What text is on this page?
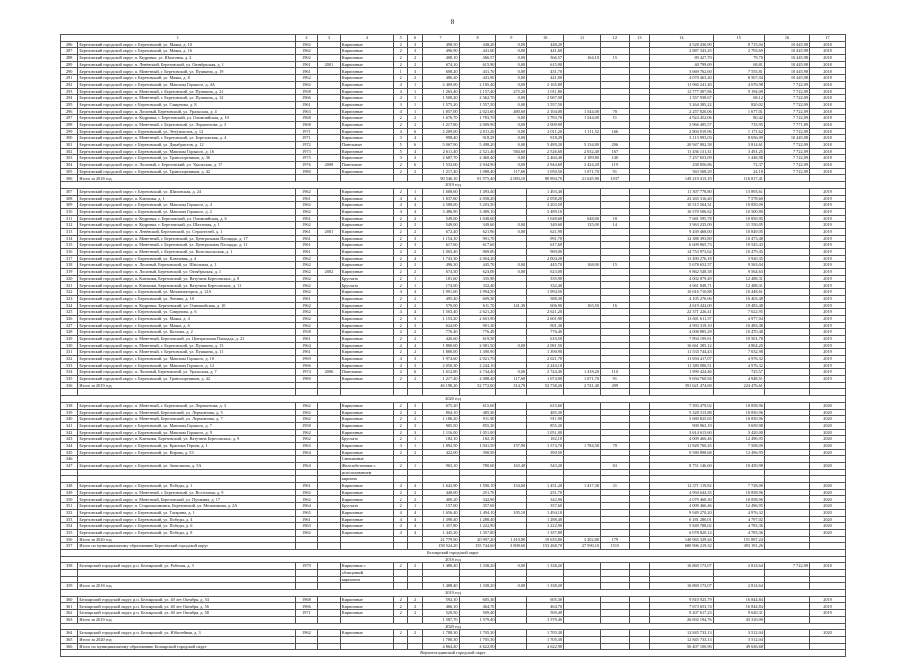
8
1		2	3	4	5	6	7	8	9	10	11	12	13	14	15	16	17
286	Березовский городской округ, г. Березовский, ул. Маяка, д. 10	1962		Кирпичные	2	3	498,50	448,20	0,00	448,20				4 528 436,90	8 715,04	10 445,98	2018
287	Березовский городской округ, г. Березовский, ул. Маяка, д. 16	1962		Кирпичные	2	3	496,90	441,60	0,00	441,60				2 887 343,25	2 793,69	10 445,98	2018
288	Березовский городской округ, п. Кедровка, ул. Шахтовая, д. 2	1962		Кирпичные	2	2	408,10	366,57	0,00	366,57	164,10	15		89 427,70	79,70	10 445,98	2018
289	Березовский городской округ, п. Ленёвский, Березовский, ул. Октябрьская, д. 1	1961	2001	Кирпичные	2	2	674,10	615,90	0,00	615,90				40 799,69	68,81	10 445,98	2018
290	Березовский городской округ, п. Монетный, г. Березовский, ул. Пушкина, д. 19	1961		Кирпичные	1	3	608,20	431,70	0,00	431,70				3 669 762,60	7 555,81	10 445,98	2018
291	Березовский городской округ, г. Березовский, ул. Маяка, д. 8	1962		Кирпичные	2	2	486,20	441,90	0,00	441,90				4 070 463,20	8 567,04	10 445,98	2018
292	Березовский городской округ, г. Березовский, ул. Максима Горького, д. 4А	1962		Кирпичные	4	1	2 400,00	2 185,40	0,00	2 165,80				11 960 241,40	4 676,98	7 722,09	2018
293	Березовский городской округ, п. Монетный, г. Березовский, ул. Пушкина, д. 21	1958		Кирпичные	4	1	1 263,40	1 157,40	275,20	1 011,80				12 777 497,86	9 194,08	7 722,09	2018
294	Березовский городской округ, п. Монетный, г. Березовский, ул. Пушкина, д. 12	1966		Кирпичные	4	1	1 500,20	2 362,70	0,00	2 067,00				1 357 938,67	68,12	7 722,09	2018
295	Березовский городской округ, г. Березовский, ул. Смирнова, д. 8	1961		Кирпичные	3	1	1 575,20	1 557,50	0,00	1 557,50				3 264 385,22	820,02	7 722,09	2018
296	Березовский городской округ, п. Лосиный, Березовский, ул. Уральская, д. 4	1963		Кирпичные	4	1	1 857,00	2 021,60	480,60	2 104,00	1 544,00	70		2 257 820,06	1 677,01	7 722,09	2018
297	Березовский городской округ, п. Кедровка, г. Березовский, ул. Олимпийская, д. 10	1968		Кирпичные	2	2	1 676,70	1 783,70	0,00	1 783,70	1 544,00	51		4 924 452,06	80,42	7 722,09	2018
298	Березовский городской округ, п. Монетный, г. Березовский, ул. Лермонтова, д. 3	1968		Кирпичные	2	2	1 217,80	2 009,90	0,00	2 009,90				3 966 485,57	733,95	7 771,89	2018
299	Березовский городской округ, г. Березовский, ул. Энтузиастов, д. 12	1971		Кирпичные	4	6	2 209,00	2 011,20	0,00	2 011,20	1 111,52	166		2 804 919,96	1 171,62	7 722,09	2018
300	Березовский городской округ, п. Монетный, г. Березовский, ул. Березовская, д. 4	1971		Кирпичные	3	4	998,40	918,29	0,00	918,29				3 113 993,03	8 656,09	10 445,98	2018
301	Березовский городской округ, г. Березовский, ул. Декабристов, д. 12	1972		Панельные	5	6	5 067,90	5 498,20	0,00	5 489,20	5 134,80	296		20 947 802,38	3 814,61	7 722,09	2018
302	Березовский городской округ, г. Березовский, ул. Максима Горького, д. 16	1973		Кирпичные	5	4	2 611,40	2 521,40	584,60	2 526,60	2 032,40	167		11 436 131,41	3 491,25	7 722,09	2018
303	Березовский городской округ, г. Березовский, ул. Транспортников, д. 36	1975		Кирпичные	3	3	2 687,70	2 460,40	0,00	2 460,40	2 189,80	140		7 257 653,09	1 448,98	7 722,09	2018
304	Березовский городской округ, п. Лосиный, г. Березовский, ул. Уральская, д. 17	1976	2008	Панельные	2	6	1 533,00	2 944,90	0,00	2 944,60	2 424,20	119		238 856,86	72,37	7 722,09	2018
305	Березовский городской округ, г. Березовский, ул. Транспортников, д. 42	1980		Кирпичные	2	2	1 217,40	1 088,40	117,60	1 050,50	1 071,70	91		363 568,29	24,18	7 722,09	2018
306	Итого за 2018 год						90 546,10	81 975,40	2 083,10	80 894,70	21 645,90	1037		149 219 415,19	116 817,41		
2019 год																	
307	Березовский городской округ, г. Березовский, ул. Шиловская, д. 24	1962		Кирпичные	2	1	1 608,60	1 493,40		1 493,40				11 307 778,80	13 893,61		2019
308	Березовский городской округ, п. Ключики, д. 1	1961		Кирпичные	4	4	1 837,60	2 058,20		2 058,20				23 265 316,40	7 578,60		2019
309	Березовский городской округ, г. Березовский, ул. Максима Горького, д. 4	1962		Кирпичные	4	4	2 588,00	3 203,50		3 203,50				10 515 564,31	10 850,09		2019
310	Березовский городской округ, г. Березовский, ул. Максима Горького, д. 2	1962		Кирпичные	4	4	3 486,90	3 489,10		3 489,10				16 570 506,62	10 500,80		2019
311	Березовский городской округ, п. Кедровка, г. Березовский, ул. Олимпийская, д. 6	1961		Кирпичные	2	2	549,00	1 048,60		1 048,60	648,00	18		7 681 595,78	10 850,95		2019
312	Березовский городской округ, п. Кедровка, г. Березовский, ул. Шахтовая, д. 1	1962		Кирпичные	2	2	549,00	349,60	0,00	349,60	135,00	14		3 963 235,09	11 550,05		2019
313	Березовский городской округ, п. Ленёвский, Березовский, ул. Строителей, д. 1	1961	2001	Кирпичные	2	2	672,40	621,90	0,00	621,90				9 439 468,00	10 849,05		2019
314	Березовский городской округ, п. Монетный, г. Березовский, ул. Центральная Площадь, д. 17	1961		Кирпичные	2	3	1 154,10	991,70		991,70				12 388 393,80	10 473,48		2019
315	Березовский городской округ, п. Монетный, г. Березовский, ул. Центральная Площадь, д. 11	1961		Кирпичные	2	3	617,60	617,60		617,60				6 609 865,73	10 545,43		2019
316	Березовский городской округ, п. Монетный, г. Березовский, ул. Комсомольская, д. 1	1961		Кирпичные	2	2	1 003,40	969,00		969,00				14 753 973,62	10 479,45		2019
317	Березовский городской округ, г. Березовский, ул. Ключевая, д. 4	1962		Кирпичные	2	4	1 743,30	2 004,20		2 004,20				13 490 276,18	3 920,35		2019
318	Березовский городской округ, п. Лосиный, Березовский, ул. Школьная, д. 1	1962		Кирпичные	2	2	496,30	445,70	0,00	445,70	168,00	15		5 678 652,57	9 563,04		2019
319	Березовский городской округ, п. Лосиный, Березовский, ул. Октябрьская, д. 1	1962	2002	Кирпичные	2	2	674,30	623,00	0,00	623,00				9 862 548,58	9 564,63		2019
320	Березовский городской округ, п. Ключики, Березовский, ул. Ватутина Бересовских, д. 8	1962		Брусчато	2	1	181,60	335,90		335,90				4 002 879,49	12 488,31		2019
321	Березовский городской округ, п. Ключики, Березовский, ул. Ватутина Бересовских, д. 11	1962		Брусчато	2	1	174,00	332,40		332,40				4 661 848,71	12 488,31		2019
322	Березовский городской округ, г. Березовский, ул. Механизаторов, д. 12А	1962		Кирпичные	4	4	1 991,60	1 994,50		1 994,50				10 616 710,88	10 448,61		2019
323	Березовский городской округ, г. Березовский, ул. Ленина, д. 10	1961		Кирпичные	2	2	495,40	609,30		588,30				4 105 276,06	10 403,48		2019
324	Березовский городской округ, п. Кедровка, Березовский, ул. Олимпийская, д. 10	1962		Кирпичные	2	2	570,00	611,70	141,30	606,90	165,50	16		4 619 442,00	10 483,48		2019
325	Березовский городской округ, г. Березовский, ул. Смирнова, д. 6	1962		Кирпичные	4	4	1 503,40	2 621,20		2 621,20				22 371 226,41	7 622,95		2019
326	Березовский городской округ, г. Березовский, ул. Маяка, д. 4	1962		Кирпичные	2	3	1 153,20	2 601,90		2 601,90				13 601 611,37	4 977,04		2019
327	Березовский городской округ, г. Березовский, ул. Маяка, д. 6	1962		Кирпичные	2	3	624,00	901,30		901,30				4 993 319,10	10 483,48		2019
328	Березовский городской округ, г. Березовский, ул. Козлова, д. 2	1958		Кирпичные	2	2	776,40	776,40		776,40				4 008 885,29	10 470,48		2019
329	Березовский городской округ, п. Монетный, Березовский, ул. Центральная Площадь, д. 21	1961		Кирпичные	2	2	426,60	619,50		619,50				7 894 199,61	10 501,78		2019
330	Березовский городской округ, п. Монетный, г. Березовский, ул. Пушкина, д. 13	1964		Кирпичные	4	4	1 800,00	2 081,50	0,00	2 081,50				16 661 385,12	4 804,20		2019
331	Березовский городской округ, п. Монетный, г. Березовский, ул. Пушкина, д. 11	1961		Кирпичные	2	2	1 880,00	1 390,90		1 390,90				11 533 744,43	7 632,98		2019
332	Березовский городской округ, г. Березовский, ул. Максима Горького, д. 10	1969		Кирпичные	4	3	1 974,60	2 021,70		2 021,70				11 694 417,07	4 976,32		2019
333	Березовский городской округ, г. Березовский, ул. Максима Горького, д. 12	1966		Кирпичные	4	3	2 050,30	2 244,10		2 244,10				11 380 086,51	4 976,32		2019
334	Березовский городской округ, п. Лосиный, Березовский, ул. Уральская, д. 7	1974	2006	Панельные	2	6	1 612,80	2 744,40	0,00	2 744,40	1 418,20	110		1 990 424,46	725,57		2019
335	Березовский городской округ, г. Березовский, ул. Транспортников, д. 42	1980		Кирпичные	2	2	1 217,40	2 088,40	117,60	1 074,90	1 071,70	91		9 694 760,94	4 948,51		2019
336	Итого за 2019 год						46 198,20	52 772,00	314,70	52 738,20	2 741,40	299		391 621 474,69	224 476,61		

2020 год																	
338	Березовский городской округ, п. Монетный, г. Березовский, ул. Лермонтова, д. 3	1962		Кирпичные	2	3	675,20	615,60		615,60				7 393 479,02	10 858,96		2020
339	Березовский городской округ, п. Монетный, Березовский, ул. Лермонтова, д. 5	1962		Кирпичные	2	2	804,10	485,30		485,30				5 328 313,88	10 850,96		2020
340	Березовский городской округ, п. Монетный, Березовский, ул. Лермонтова, д. 7	1962		Кирпичные	2	2	1 186,20	911,90		911,90				5 680 825,65	10 850,96		2020
341	Березовский городской округ, г. Березовский, ул. Максима Горького, д. 7	1958		Кирпичные	2	3	905,50	855,20		855,20				900 963,19	3 659,98		2020
342	Березовский городской округ, г. Березовский, ул. Максима Горького, д. 9	1962		Кирпичные	2	3	1 116,00	1 051,00		1 051,00				3 614 615,60	3 420,00		2020
343	Березовский городской округ, п. Ключики, Березовский, ул. Ватутина Бересовских, д. 9	1962		Брусчато	2	1	182,10	182,10		182,10				4 009 466,46	12 496,95		2020
344	Березовский городской округ, г. Березовский, ул. Красных Героев, д. 1	1963		Кирпичные	3	1	1 892,50	1 941,50	157,90	1 574,70	1 784,50	70		11 828 760,45	7 508,09		2020
345	Березовский городской округ, г. Березовский, ул. Кирова, д. 53	1964		Кирпичные	2	2	422,00	390,50		390,50				9 580 898,68	12 496,95		2020
346				Смешанные													
347	Березовский городской округ, г. Березовский, ул. Загвозкина, д. 5А	1964		Железобетонные с	2	1	903,10	780,60	163,40	543,20		63		8 751 146,60	10 450,98		2020
				использованием													
				кирпича													
348	Березовский городской округ, г. Березовский, ул. Победы, д. 1	1961		Кирпичные	4	4	1 642,90	1 590,10	154,60	1 451,20	1 417,30	31		12 371 119,82	7 728,00		2020
349	Березовский городской округ, п. Монетный, г. Березовский, ул. Восточная, д. 9	1962		Кирпичные	2	2	448,00	251,70		251,70				4 994 644,35	10 858,96		2020
350	Березовский городской округ, п. Монетный, Березовский, ул. Пушкина, д. 17	1962		Кирпичные	2	2	400,20	342,90		342,90				4 079 468,30	10 858,96		2020
351	Березовский городской округ, п. Старопышминск, Березовский, ул. Мельникова, д. 2А	1964		Брусчато	2	1	157,00	357,60		357,60				4 009 466,46	12 496,95		2020
352	Березовский городской округ, г. Березовский, ул. Гагарина, д. 1	1965		Кирпичные	4	4	1 656,40	1 494,10	105,10	1 494,10				9 949 270,20	4 976,32		2020
353	Березовский городской округ, г. Березовский, ул. Победы, д. 4	1961		Кирпичные	4	4	1 398,40	1 288,40		1 288,40				6 181 280,01	4 797,02		2020
354	Березовский городской округ, г. Березовский, ул. Победы, д. 6	1963		Кирпичные	4	4	1 357,80	1 222,90		1 222,90				5 849 788,02	4 783,36		2020
355	Березовский городской округ, г. Березовский, ул. Победы, д. 8	1962		Кирпичные	4	4	1 445,20	1 357,80		1 357,80				6 078 820,12	4 783,36		2020
356	Итого за 2020 год						21 779,90	20 997,20	1 410,80	19 635,80	3 202,80	179		140 065 329,44	151 897,24		
357	Итого по муниципальному образованию Березовский городской округ						158 524,20	155 744,60	3 808,60	153 268,70	27 590,10	1515		680 906 219,32	493 191,26		
Белоярский городской округ																	
2018 год																	
358	Белоярский городской округ, р.п. Белоярский, ул. Рабочая, д. 3	1979		Кирпичные с	2	2	1 488,40	1 338,20	0,00	1 338,20				16 869 173,07	2 814,64	7 722,09	2018
				облицовкой													
				кирпичом													
359	Итого за 2018 год						1 488,40	1 338,20	0,00	1 338,20				16 869 173,07	2 814,64		
2019 год																	
360	Белоярский городской округ, р.п. Белоярский, ул. 40 лет Октября, д. 54	1968		Кирпичные	2	2	592,10	605,30		605,30				9 810 923,79	16 844,84		2019
361	Белоярский городской округ, р.п. Белоярский, ул. 40 лет Октября, д. 56	1966		Кирпичные	2	2	466,10	464,70		464,70				7 673 653,74	16 844,84		2019
362	Белоярский городской округ, р.п. Белоярский, ул. 40 лет Октября, д. 58	1971		Кирпичные	2	2	529,50	509,40		509,40				9 207 617,23	9 620,31		2019
363	Итого за 2019 год						1 587,70	1 579,40		1 579,40				26 692 194,76	43 310,00		
2020 год																	
364	Белоярский городской округ, р.п. Белоярский, ул. Юбилейная, д. 3	1962		Кирпичные	2	2	1 788,30	1 705,30		1 705,30				12 845 733,13	3 512,04		2020
365	Итого за 2020 год						1 788,30	1 705,30		1 705,30				12 845 733,13	3 512,04		
366	Итого по муниципальному образованию Белоярский городской округ						4 864,40	4 622,90		4 622,90				56 407 100,96	49 636,68		
Верхнесалдинский городской округ																	
